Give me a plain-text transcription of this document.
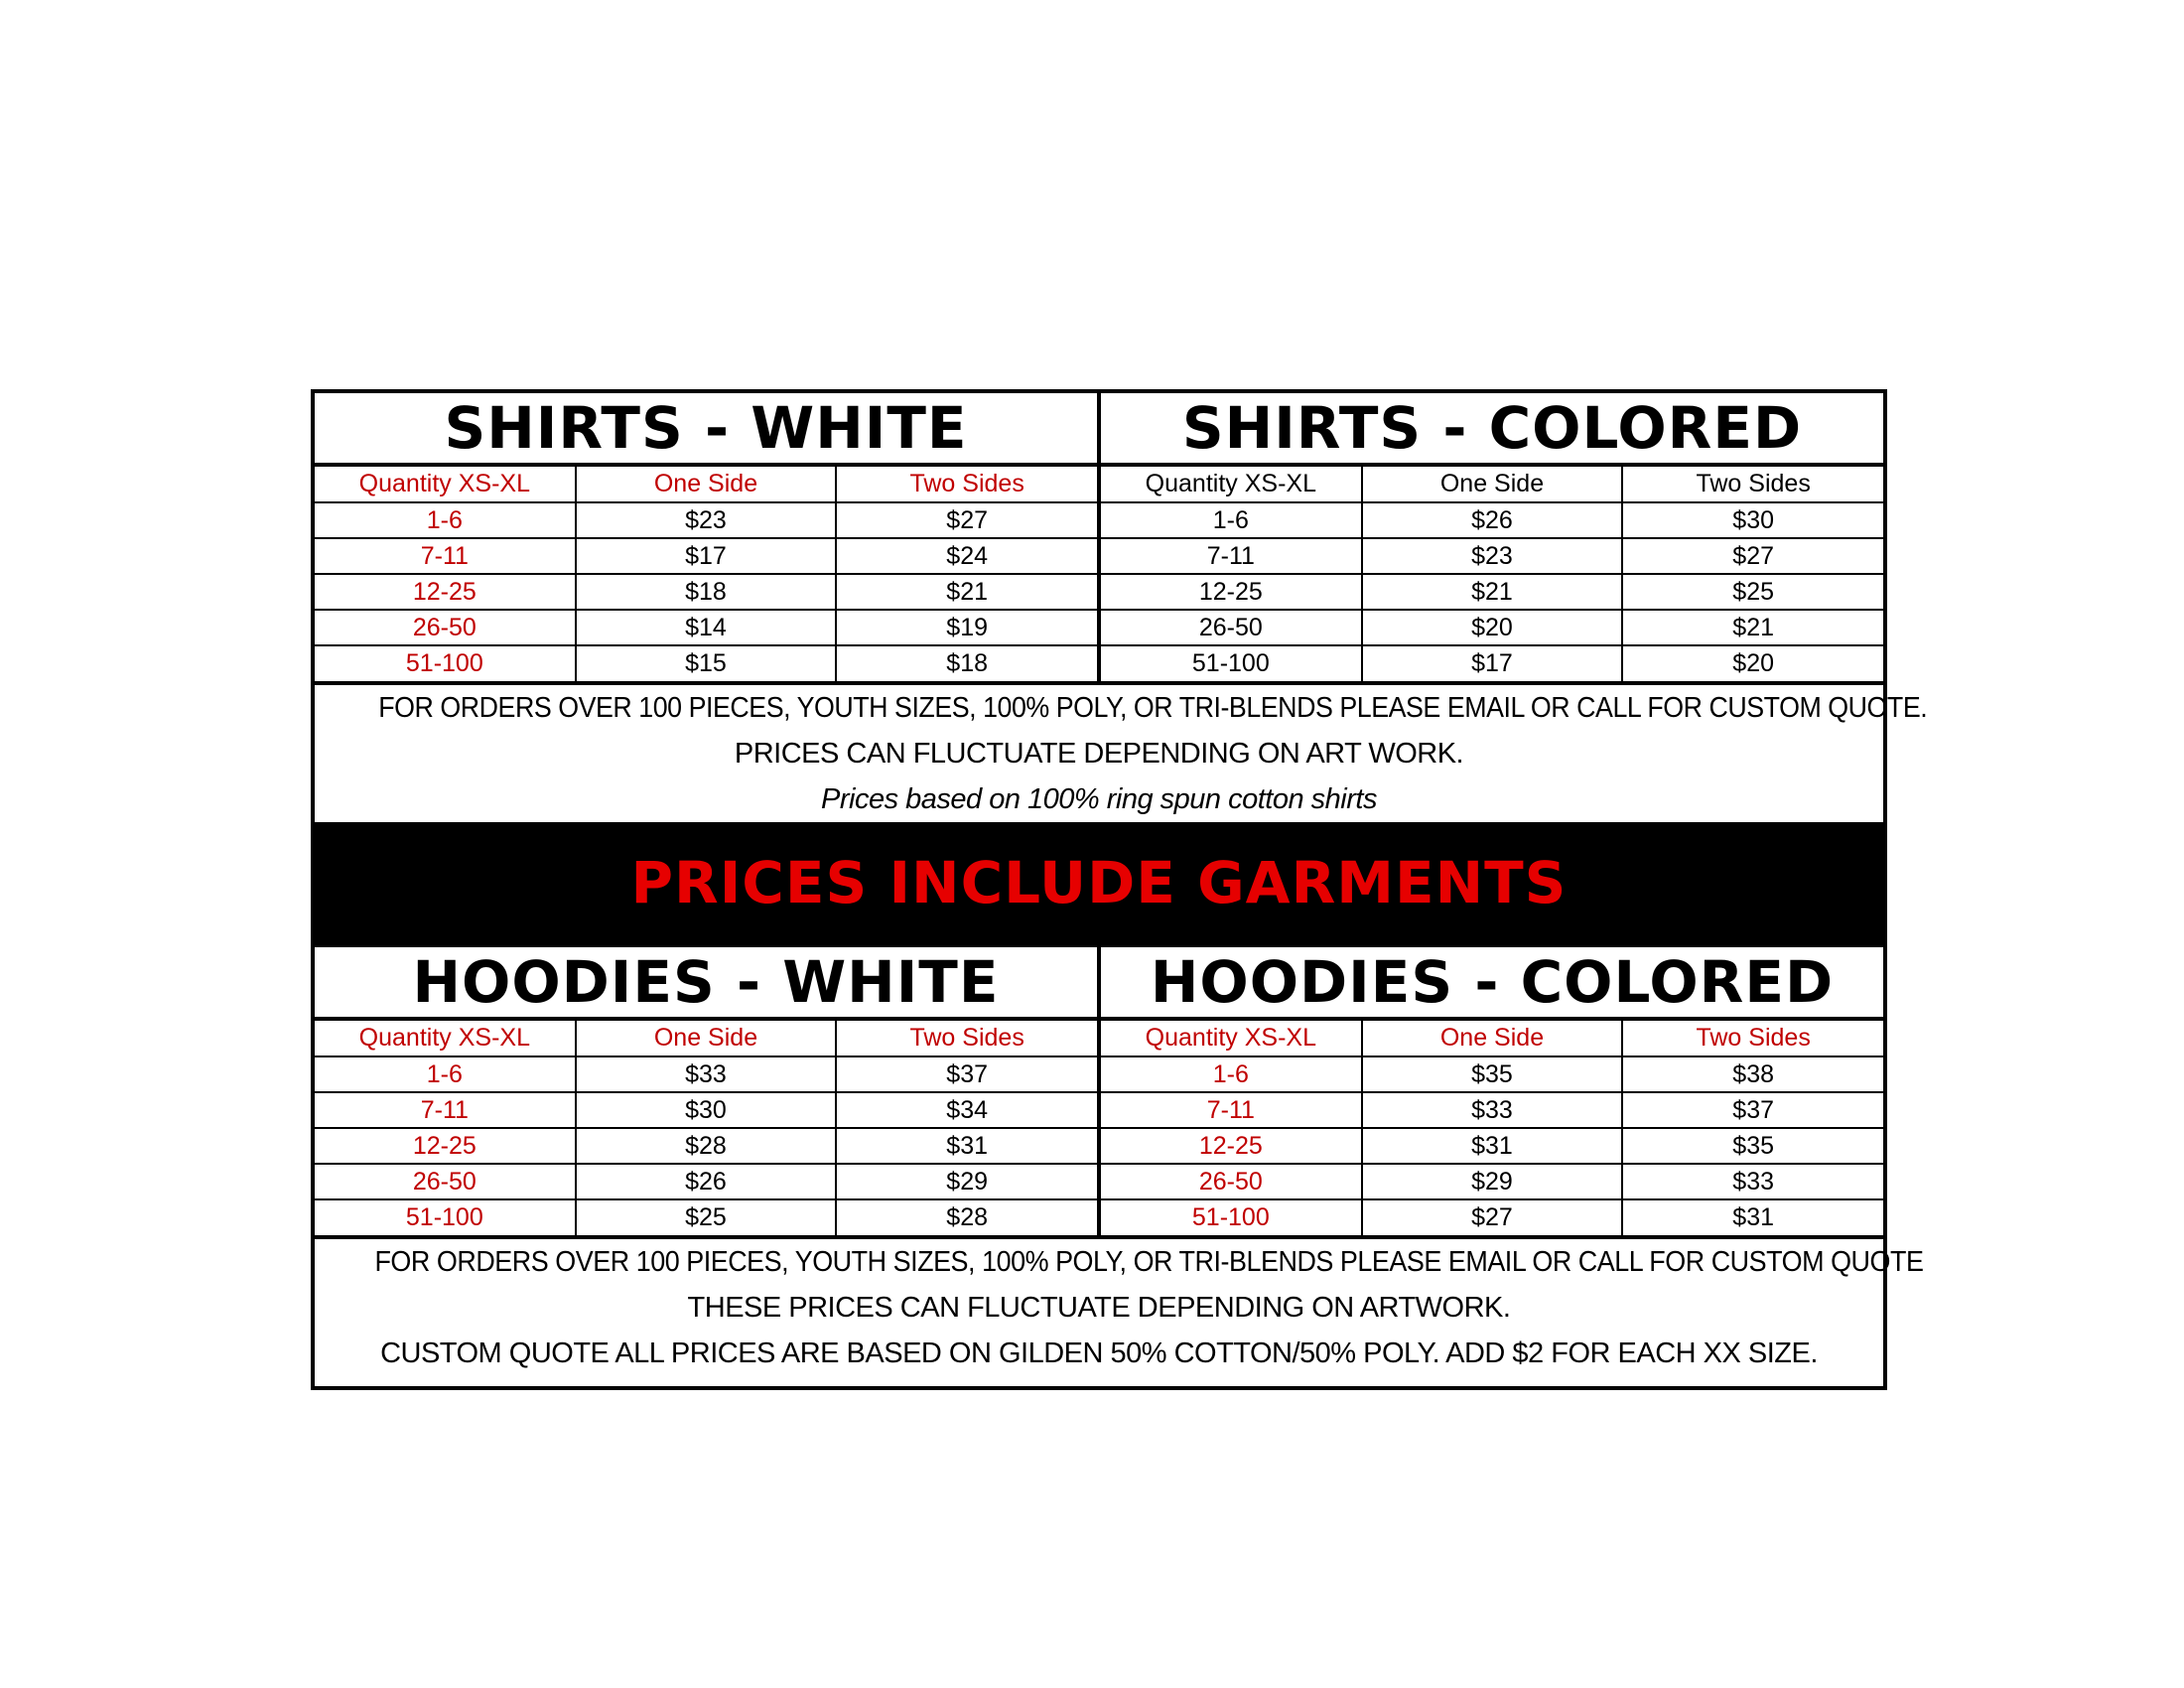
SHIRTS - WHITE
Quantity XS-XL	One Side	Two Sides
1-6	$23	$27
7-11	$17	$24
12-25	$18	$21
26-50	$14	$19
51-100	$15	$18
SHIRTS - COLORED
Quantity XS-XL	One Side	Two Sides
1-6	$26	$30
7-11	$23	$27
12-25	$21	$25
26-50	$20	$21
51-100	$17	$20
FOR ORDERS OVER 100 PIECES, YOUTH SIZES, 100% POLY, OR TRI-BLENDS PLEASE EMAIL OR CALL FOR CUSTOM QUOTE.
PRICES CAN FLUCTUATE DEPENDING ON ART WORK.
Prices based on 100% ring spun cotton shirts
PRICES INCLUDE GARMENTS
HOODIES - WHITE
Quantity XS-XL	One Side	Two Sides
1-6	$33	$37
7-11	$30	$34
12-25	$28	$31
26-50	$26	$29
51-100	$25	$28
HOODIES - COLORED
Quantity XS-XL	One Side	Two Sides
1-6	$35	$38
7-11	$33	$37
12-25	$31	$35
26-50	$29	$33
51-100	$27	$31
FOR ORDERS OVER 100 PIECES, YOUTH SIZES, 100% POLY, OR TRI-BLENDS PLEASE EMAIL OR CALL FOR CUSTOM QUOTE
THESE PRICES CAN FLUCTUATE DEPENDING ON ARTWORK.
CUSTOM QUOTE ALL PRICES ARE BASED ON GILDEN 50% COTTON/50% POLY. ADD $2 FOR EACH XX SIZE.
